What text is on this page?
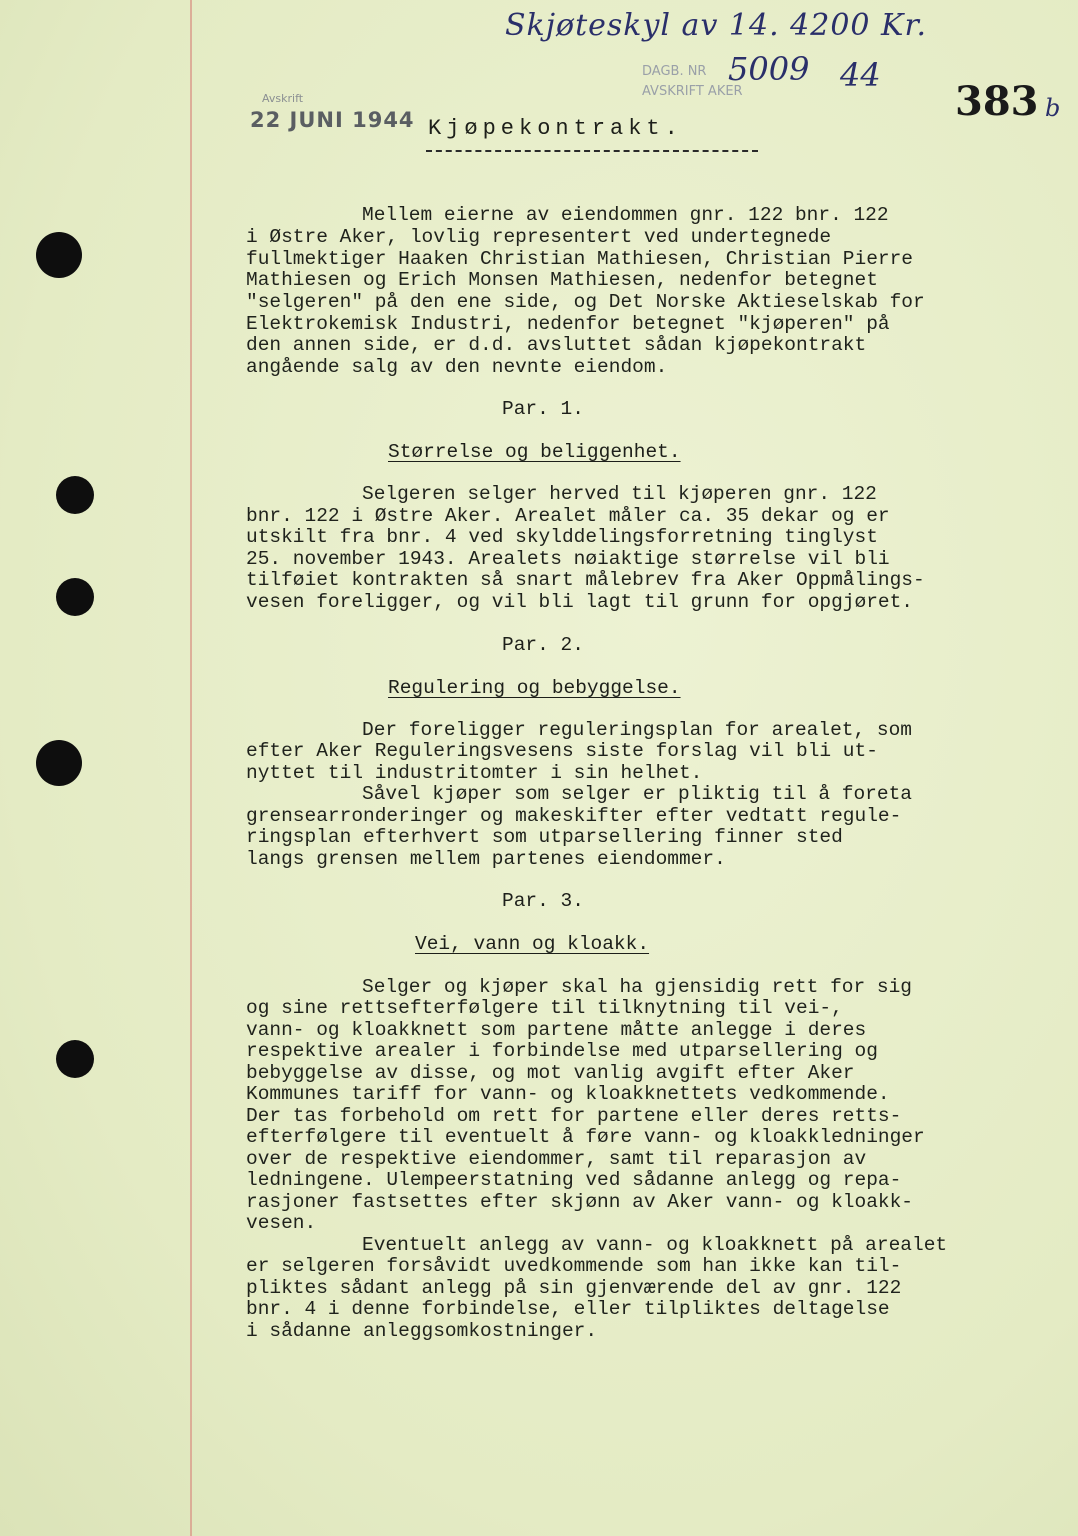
Skjøteskyl av 14. 4200 Kr.
Avskrift
22 JUNI 1944
DAGB. NR
AVSKRIFT AKER
5009 44
383 b
Kjøpekontrakt.
Mellem eierne av eiendommen gnr. 122 bnr. 122
i Østre Aker, lovlig representert ved undertegnede
fullmektiger Haaken Christian Mathiesen, Christian Pierre
Mathiesen og Erich Monsen Mathiesen, nedenfor betegnet
"selgeren" på den ene side, og Det Norske Aktieselskab for
Elektrokemisk Industri, nedenfor betegnet "kjøperen" på
den annen side, er d.d. avsluttet sådan kjøpekontrakt
angående salg av den nevnte eiendom.
Par. 1.
Størrelse og beliggenhet.
Selgeren selger herved til kjøperen gnr. 122
bnr. 122 i Østre Aker. Arealet måler ca. 35 dekar og er
utskilt fra bnr. 4 ved skylddelingsforretning tinglyst
25. november 1943. Arealets nøiaktige størrelse vil bli
tilføiet kontrakten så snart målebrev fra Aker Oppmålings-
vesen foreligger, og vil bli lagt til grunn for opgjøret.
Par. 2.
Regulering og bebyggelse.
Der foreligger reguleringsplan for arealet, som
efter Aker Reguleringsvesens siste forslag vil bli ut-
nyttet til industritomter i sin helhet.
Såvel kjøper som selger er pliktig til å foreta
grensearronderinger og makeskifter efter vedtatt regule-
ringsplan efterhvert som utparsellering finner sted
langs grensen mellem partenes eiendommer.
Par. 3.
Vei, vann og kloakk.
Selger og kjøper skal ha gjensidig rett for sig
og sine rettsefterfølgere til tilknytning til vei-,
vann- og kloakknett som partene måtte anlegge i deres
respektive arealer i forbindelse med utparsellering og
bebyggelse av disse, og mot vanlig avgift efter Aker
Kommunes tariff for vann- og kloakknettets vedkommende.
Der tas forbehold om rett for partene eller deres retts-
efterfølgere til eventuelt å føre vann- og kloakkledninger
over de respektive eiendommer, samt til reparasjon av
ledningene. Ulempeerstatning ved sådanne anlegg og repa-
rasjoner fastsettes efter skjønn av Aker vann- og kloakk-
vesen.
Eventuelt anlegg av vann- og kloakknett på arealet
er selgeren forsåvidt uvedkommende som han ikke kan til-
pliktes sådant anlegg på sin gjenværende del av gnr. 122
bnr. 4 i denne forbindelse, eller tilpliktes deltagelse
i sådanne anleggsomkostninger.
